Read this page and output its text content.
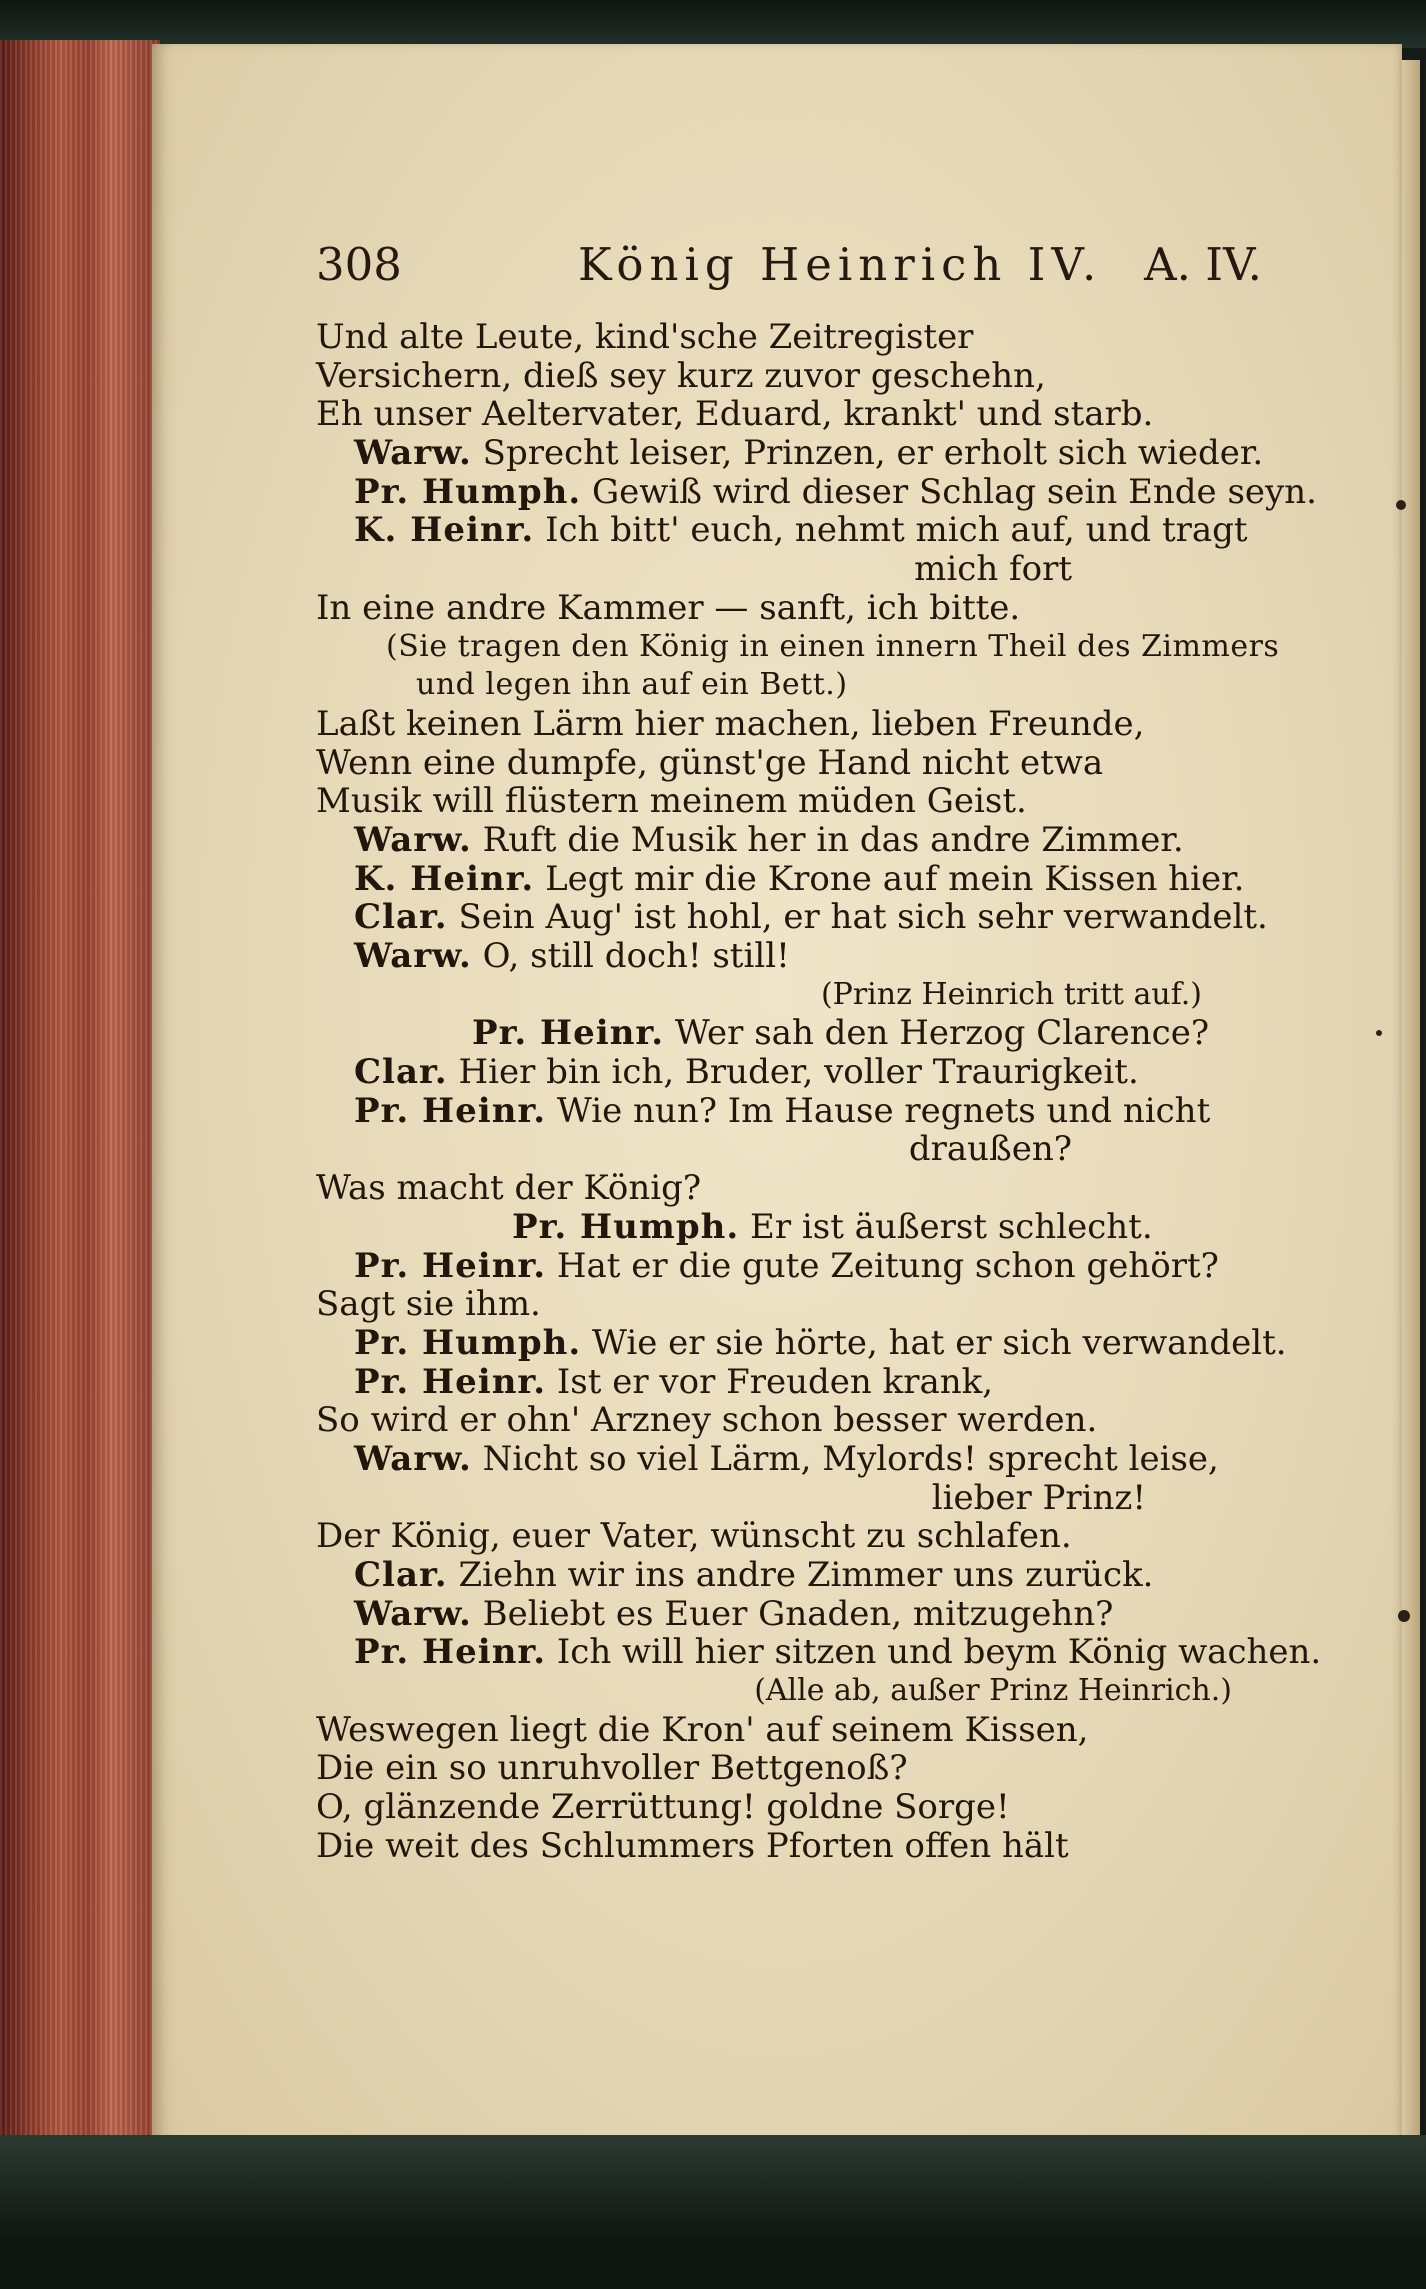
308	König Heinrich IV. A. IV.
Und alte Leute, kind'sche Zeitregister
Versichern, dieß sey kurz zuvor geschehn,
Eh unser Aeltervater, Eduard, krankt' und starb.
Warw. Sprecht leiser, Prinzen, er erholt sich wieder.
Pr. Humph. Gewiß wird dieser Schlag sein Ende seyn.
K. Heinr. Ich bitt' euch, nehmt mich auf, und tragt
mich fort
In eine andre Kammer — sanft, ich bitte.
(Sie tragen den König in einen innern Theil des Zimmers
und legen ihn auf ein Bett.)
Laßt keinen Lärm hier machen, lieben Freunde,
Wenn eine dumpfe, günst'ge Hand nicht etwa
Musik will flüstern meinem müden Geist.
Warw. Ruft die Musik her in das andre Zimmer.
K. Heinr. Legt mir die Krone auf mein Kissen hier.
Clar. Sein Aug' ist hohl, er hat sich sehr verwandelt.
Warw. O, still doch! still!
(Prinz Heinrich tritt auf.)
Pr. Heinr. Wer sah den Herzog Clarence?
Clar. Hier bin ich, Bruder, voller Traurigkeit.
Pr. Heinr. Wie nun? Im Hause regnets und nicht
draußen?
Was macht der König?
Pr. Humph. Er ist äußerst schlecht.
Pr. Heinr. Hat er die gute Zeitung schon gehört?
Sagt sie ihm.
Pr. Humph. Wie er sie hörte, hat er sich verwandelt.
Pr. Heinr. Ist er vor Freuden krank,
So wird er ohn' Arzney schon besser werden.
Warw. Nicht so viel Lärm, Mylords! sprecht leise,
lieber Prinz!
Der König, euer Vater, wünscht zu schlafen.
Clar. Ziehn wir ins andre Zimmer uns zurück.
Warw. Beliebt es Euer Gnaden, mitzugehn?
Pr. Heinr. Ich will hier sitzen und beym König wachen.
(Alle ab, außer Prinz Heinrich.)
Weswegen liegt die Kron' auf seinem Kissen,
Die ein so unruhvoller Bettgenoß?
O, glänzende Zerrüttung! goldne Sorge!
Die weit des Schlummers Pforten offen hält
